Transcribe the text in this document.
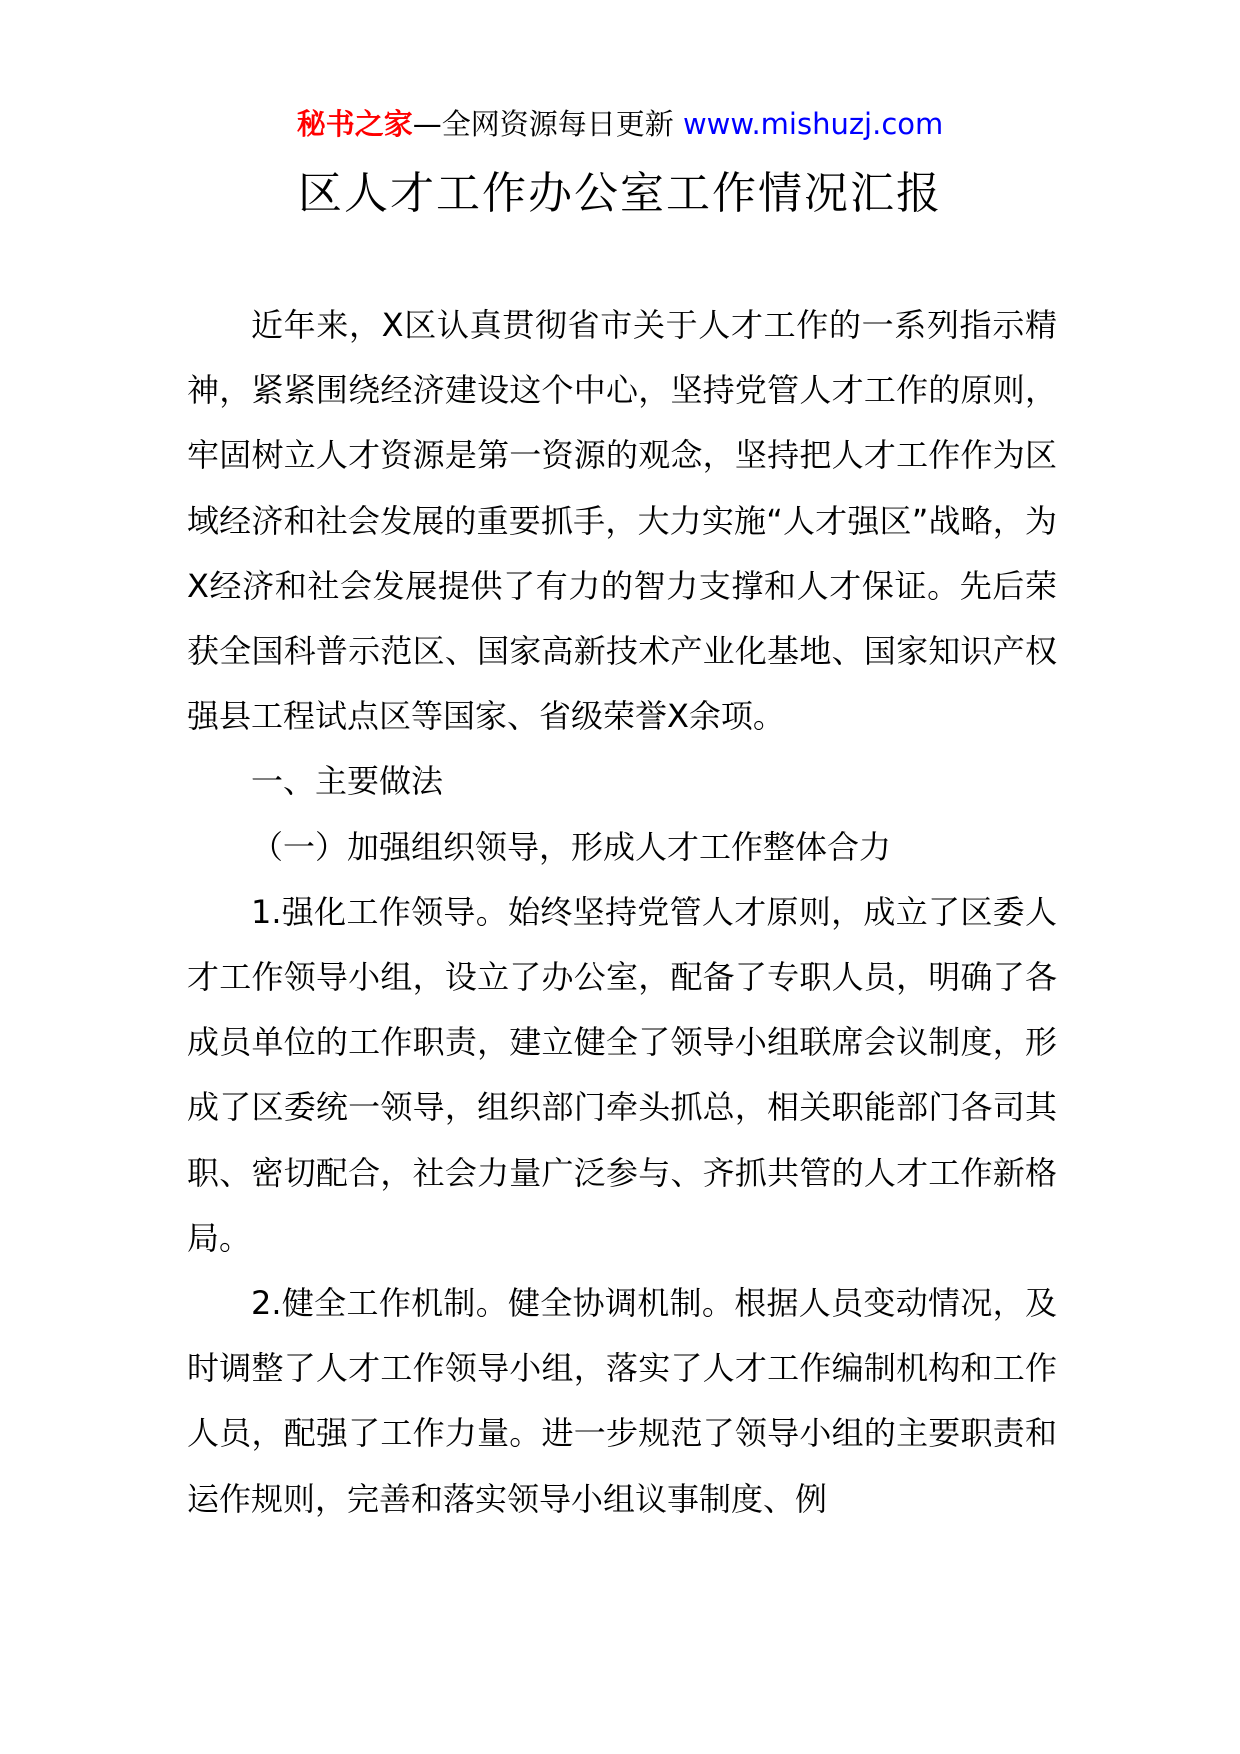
秘书之家—全网资源每日更新 www.mishuzj.com
区人才工作办公室工作情况汇报

近年来，X区认真贯彻省市关于人才工作的一系列指示精神，紧紧围绕经济建设这个中心，坚持党管人才工作的原则，牢固树立人才资源是第一资源的观念，坚持把人才工作作为区域经济和社会发展的重要抓手，大力实施“人才强区”战略，为X经济和社会发展提供了有力的智力支撑和人才保证。先后荣获全国科普示范区、国家高新技术产业化基地、国家知识产权强县工程试点区等国家、省级荣誉X余项。

一、主要做法

（一）加强组织领导，形成人才工作整体合力

1.强化工作领导。始终坚持党管人才原则，成立了区委人才工作领导小组，设立了办公室，配备了专职人员，明确了各成员单位的工作职责，建立健全了领导小组联席会议制度，形成了区委统一领导，组织部门牵头抓总，相关职能部门各司其职、密切配合，社会力量广泛参与、齐抓共管的人才工作新格局。

2.健全工作机制。健全协调机制。根据人员变动情况，及时调整了人才工作领导小组，落实了人才工作编制机构和工作人员，配强了工作力量。进一步规范了领导小组的主要职责和运作规则，完善和落实领导小组议事制度、例
